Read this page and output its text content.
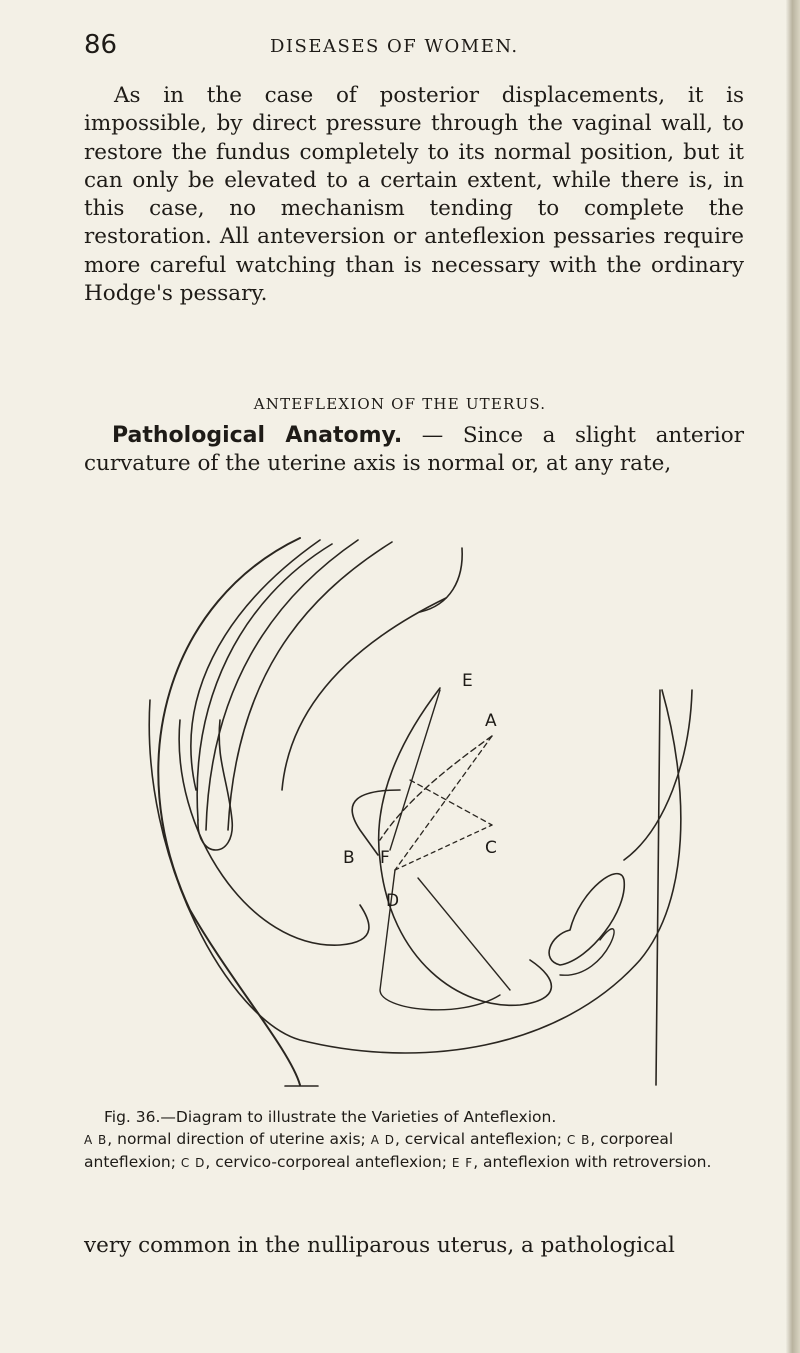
86	DISEASES OF WOMEN.

As in the case of posterior displacements, it is impossible, by direct pressure through the vaginal wall, to restore the fundus completely to its normal position, but it can only be elevated to a certain extent, while there is, in this case, no mechanism tending to complete the restoration. All anteversion or anteflexion pessaries require more careful watching than is necessary with the ordinary Hodge's pessary.

ANTEFLEXION OF THE UTERUS.

Pathological Anatomy. — Since a slight anterior curvature of the uterine axis is normal or, at any rate,

E
A
B F	C
D

Fig. 36.—Diagram to illustrate the Varieties of Anteflexion.

A B, normal direction of uterine axis; A D, cervical anteflexion; C B, corporeal anteflexion; C D, cervico-corporeal anteflexion; E F, anteflexion with retroversion.

very common in the nulliparous uterus, a pathological
